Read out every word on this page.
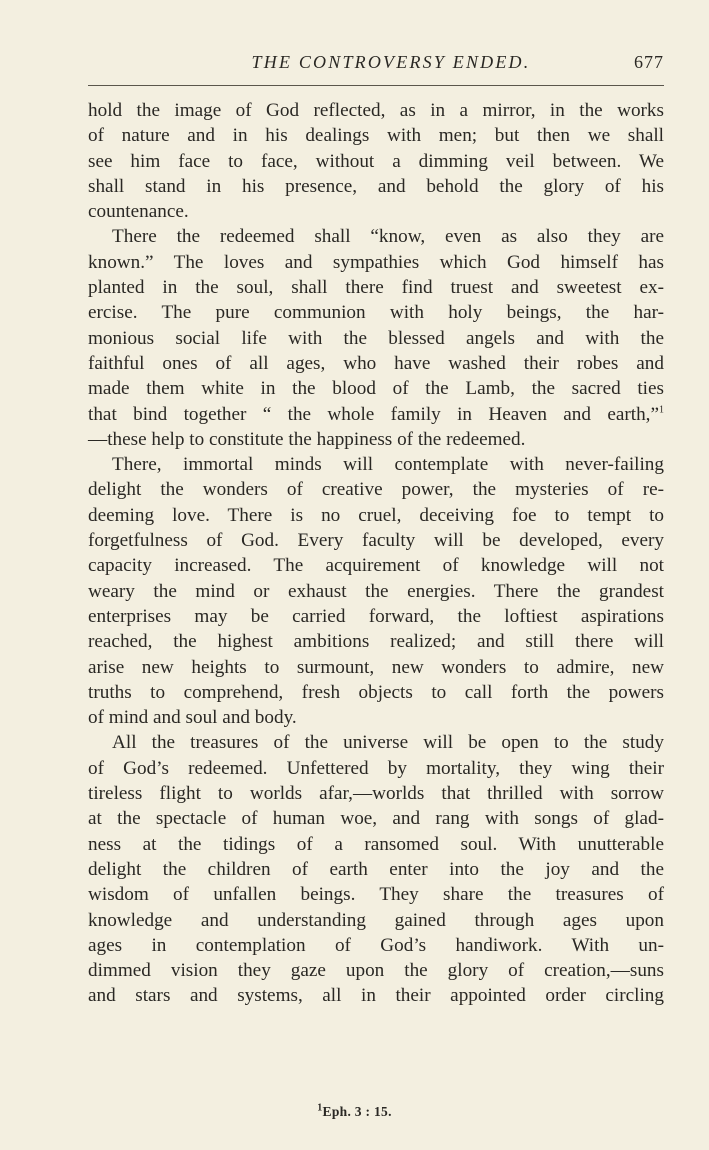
THE CONTROVERSY ENDED.	677
hold the image of God reflected, as in a mirror, in the works
of nature and in his dealings with men; but then we shall
see him face to face, without a dimming veil between. We
shall stand in his presence, and behold the glory of his
countenance.
There the redeemed shall “know, even as also they are
known.” The loves and sympathies which God himself has
planted in the soul, shall there find truest and sweetest ex-
ercise. The pure communion with holy beings, the har-
monious social life with the blessed angels and with the
faithful ones of all ages, who have washed their robes and
made them white in the blood of the Lamb, the sacred ties
that bind together “ the whole family in Heaven and earth,”$^1$
—these help to constitute the happiness of the redeemed.
There, immortal minds will contemplate with never-failing
delight the wonders of creative power, the mysteries of re-
deeming love. There is no cruel, deceiving foe to tempt to
forgetfulness of God. Every faculty will be developed, every
capacity increased. The acquirement of knowledge will not
weary the mind or exhaust the energies. There the grandest
enterprises may be carried forward, the loftiest aspirations
reached, the highest ambitions realized; and still there will
arise new heights to surmount, new wonders to admire, new
truths to comprehend, fresh objects to call forth the powers
of mind and soul and body.
All the treasures of the universe will be open to the study
of God’s redeemed. Unfettered by mortality, they wing their
tireless flight to worlds afar,—worlds that thrilled with sorrow
at the spectacle of human woe, and rang with songs of glad-
ness at the tidings of a ransomed soul. With unutterable
delight the children of earth enter into the joy and the
wisdom of unfallen beings. They share the treasures of
knowledge and understanding gained through ages upon
ages in contemplation of God’s handiwork. With un-
dimmed vision they gaze upon the glory of creation,—suns
and stars and systems, all in their appointed order circling
$^1$Eph. 3 : 15.
